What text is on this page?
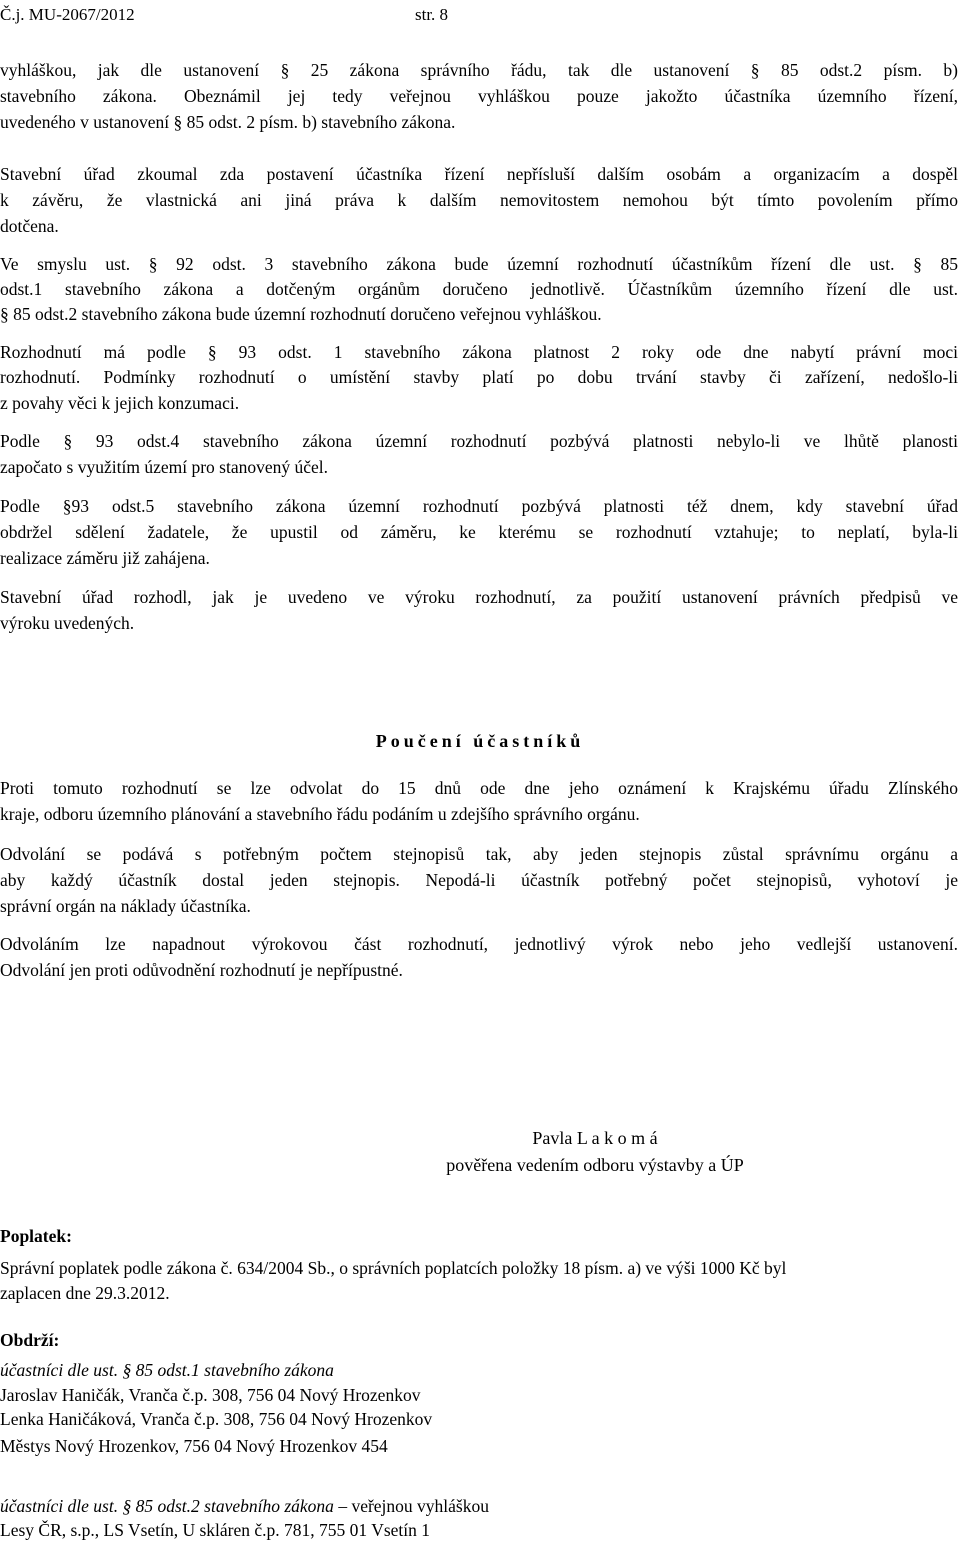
Č.j. MU-2067/2012	str. 8
vyhláškou, jak dle ustanovení § 25 zákona správního řádu, tak dle ustanovení § 85 odst.2 písm. b)
stavebního zákona. Obeznámil jej tedy veřejnou vyhláškou pouze jakožto účastníka územního řízení,
uvedeného v ustanovení § 85 odst. 2 písm. b) stavebního zákona.
Stavební úřad zkoumal zda postavení účastníka řízení nepřísluší dalším osobám a organizacím a dospěl
k závěru, že vlastnická ani jiná práva k dalším nemovitostem nemohou být tímto povolením přímo
dotčena.
Ve smyslu ust. § 92 odst. 3 stavebního zákona bude územní rozhodnutí účastníkům řízení dle ust. § 85
odst.1 stavebního zákona a dotčeným orgánům doručeno jednotlivě. Účastníkům územního řízení dle ust.
§ 85 odst.2 stavebního zákona bude územní rozhodnutí doručeno veřejnou vyhláškou.
Rozhodnutí má podle § 93 odst. 1 stavebního zákona platnost 2 roky ode dne nabytí právní moci
rozhodnutí. Podmínky rozhodnutí o umístění stavby platí po dobu trvání stavby či zařízení, nedošlo-li
z povahy věci k jejich konzumaci.
Podle § 93 odst.4 stavebního zákona územní rozhodnutí pozbývá platnosti nebylo-li ve lhůtě planosti
započato s využitím území pro stanovený účel.
Podle §93 odst.5 stavebního zákona územní rozhodnutí pozbývá platnosti též dnem, kdy stavební úřad
obdržel sdělení žadatele, že upustil od záměru, ke kterému se rozhodnutí vztahuje; to neplatí, byla-li
realizace záměru již zahájena.
Stavební úřad rozhodl, jak je uvedeno ve výroku rozhodnutí, za použití ustanovení právních předpisů ve
výroku uvedených.
Poučení účastníků
Proti tomuto rozhodnutí se lze odvolat do 15 dnů ode dne jeho oznámení k Krajskému úřadu Zlínského
kraje, odboru územního plánování a stavebního řádu podáním u zdejšího správního orgánu.
Odvolání se podává s potřebným počtem stejnopisů tak, aby jeden stejnopis zůstal správnímu orgánu a
aby každý účastník dostal jeden stejnopis. Nepodá-li účastník potřebný počet stejnopisů, vyhotoví je
správní orgán na náklady účastníka.
Odvoláním lze napadnout výrokovou část rozhodnutí, jednotlivý výrok nebo jeho vedlejší ustanovení.
Odvolání jen proti odůvodnění rozhodnutí je nepřípustné.
Pavla L a k o m á
pověřena vedením odboru výstavby a ÚP
Poplatek:
Správní poplatek podle zákona č. 634/2004 Sb., o správních poplatcích položky 18 písm. a) ve výši 1000 Kč byl
zaplacen dne 29.3.2012.
Obdrží:
účastníci dle ust. § 85 odst.1 stavebního zákona
Jaroslav Haničák, Vranča č.p. 308, 756 04 Nový Hrozenkov
Lenka Haničáková, Vranča č.p. 308, 756 04 Nový Hrozenkov
Městys Nový Hrozenkov, 756 04 Nový Hrozenkov 454
účastníci dle ust. § 85 odst.2 stavebního zákona – veřejnou vyhláškou
Lesy ČR, s.p., LS Vsetín, U skláren č.p. 781, 755 01 Vsetín 1
